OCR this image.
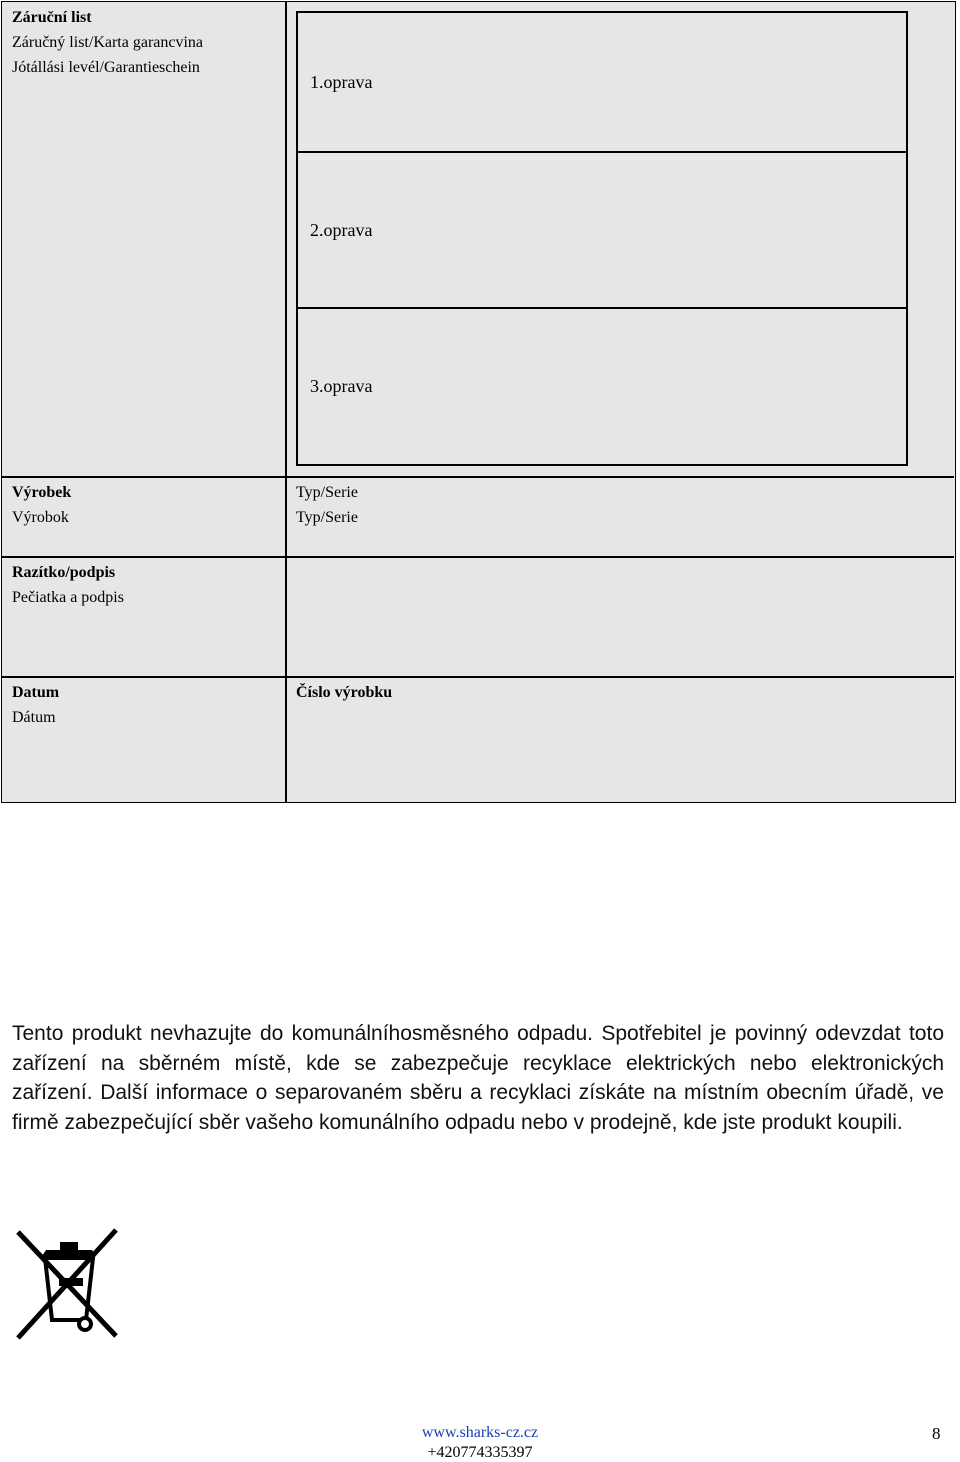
Záruční list
Záručný list/Karta garancvina
Jótállási levél/Garantieschein
Výrobek
Výrobok
Typ/Serie
Typ/Serie
Razítko/podpis
Pečiatka a podpis
Datum
Dátum
Číslo výrobku
1.oprava
2.oprava
3.oprava
Tento produkt nevhazujte do komunálníhosměsného odpadu. Spotřebitel je povinný odevzdat toto zařízení na sběrném místě, kde se zabezpečuje recyklace elektrických nebo elektronických zařízení. Další informace o separovaném sběru a recyklaci získáte na místním obecním úřadě, ve firmě zabezpečující sběr vašeho komunálního odpadu nebo v prodejně, kde jste produkt koupili.
www.sharks-cz.cz
+420774335397
8
